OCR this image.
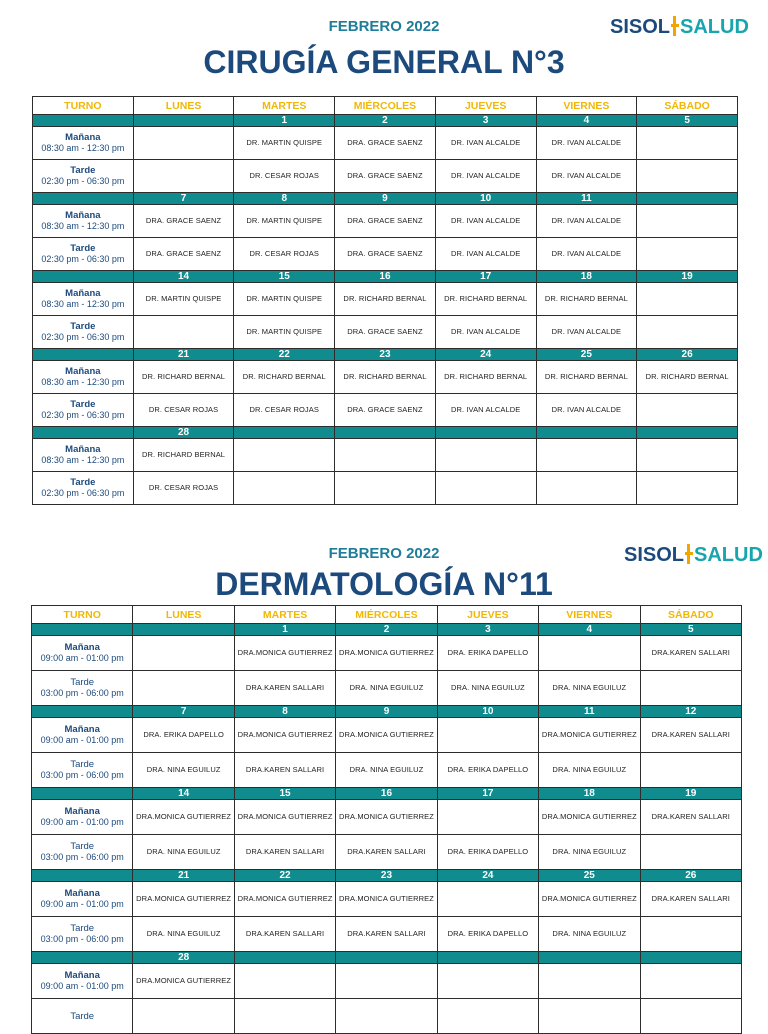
FEBRERO 2022
CIRUGÍA GENERAL N°3
SISOL SALUD
TURNO	LUNES	MARTES	MIÉRCOLES	JUEVES	VIERNES	SÁBADO
		1	2	3	4	5

Mañana
08:30 am - 12:30 pm		DR. MARTIN QUISPE	DRA. GRACE SAENZ	DR. IVAN ALCALDE	DR. IVAN ALCALDE	

Tarde
02:30 pm - 06:30 pm		DR. CESAR ROJAS	DRA. GRACE SAENZ	DR. IVAN ALCALDE	DR. IVAN ALCALDE	
	7	8	9	10	11	

Mañana
08:30 am - 12:30 pm	DRA. GRACE SAENZ	DR. MARTIN QUISPE	DRA. GRACE SAENZ	DR. IVAN ALCALDE	DR. IVAN ALCALDE	

Tarde
02:30 pm - 06:30 pm	DRA. GRACE SAENZ	DR. CESAR ROJAS	DRA. GRACE SAENZ	DR. IVAN ALCALDE	DR. IVAN ALCALDE	
	14	15	16	17	18	19

Mañana
08:30 am - 12:30 pm	DR. MARTIN QUISPE	DR. MARTIN QUISPE	DR. RICHARD BERNAL	DR. RICHARD BERNAL	DR. RICHARD BERNAL	

Tarde
02:30 pm - 06:30 pm		DR. MARTIN QUISPE	DRA. GRACE SAENZ	DR. IVAN ALCALDE	DR. IVAN ALCALDE	
	21	22	23	24	25	26

Mañana
08:30 am - 12:30 pm	DR. RICHARD BERNAL	DR. RICHARD BERNAL	DR. RICHARD BERNAL	DR. RICHARD BERNAL	DR. RICHARD BERNAL	DR. RICHARD BERNAL

Tarde
02:30 pm - 06:30 pm	DR. CESAR ROJAS	DR. CESAR ROJAS	DRA. GRACE SAENZ	DR. IVAN ALCALDE	DR. IVAN ALCALDE	
	28					

Mañana
08:30 am - 12:30 pm	DR. RICHARD BERNAL					

Tarde
02:30 pm - 06:30 pm	DR. CESAR ROJAS					
FEBRERO 2022
DERMATOLOGÍA N°11
SISOL SALUD
TURNO	LUNES	MARTES	MIÉRCOLES	JUEVES	VIERNES	SÁBADO
		1	2	3	4	5

Mañana
09:00 am - 01:00 pm		DRA.MONICA GUTIERREZ	DRA.MONICA GUTIERREZ	DRA. ERIKA DAPELLO		DRA.KAREN SALLARI

Tarde
03:00 pm - 06:00 pm		DRA.KAREN SALLARI	DRA. NINA EGUILUZ	DRA. NINA EGUILUZ	DRA. NINA EGUILUZ	
	7	8	9	10	11	12

Mañana
09:00 am - 01:00 pm	DRA. ERIKA DAPELLO	DRA.MONICA GUTIERREZ	DRA.MONICA GUTIERREZ		DRA.MONICA GUTIERREZ	DRA.KAREN SALLARI

Tarde
03:00 pm - 06:00 pm	DRA. NINA EGUILUZ	DRA.KAREN SALLARI	DRA. NINA EGUILUZ	DRA. ERIKA DAPELLO	DRA. NINA EGUILUZ	
	14	15	16	17	18	19

Mañana
09:00 am - 01:00 pm	DRA.MONICA GUTIERREZ	DRA.MONICA GUTIERREZ	DRA.MONICA GUTIERREZ		DRA.MONICA GUTIERREZ	DRA.KAREN SALLARI

Tarde
03:00 pm - 06:00 pm	DRA. NINA EGUILUZ	DRA.KAREN SALLARI	DRA.KAREN SALLARI	DRA. ERIKA DAPELLO	DRA. NINA EGUILUZ	
	21	22	23	24	25	26

Mañana
09:00 am - 01:00 pm	DRA.MONICA GUTIERREZ	DRA.MONICA GUTIERREZ	DRA.MONICA GUTIERREZ		DRA.MONICA GUTIERREZ	DRA.KAREN SALLARI

Tarde
03:00 pm - 06:00 pm	DRA. NINA EGUILUZ	DRA.KAREN SALLARI	DRA.KAREN SALLARI	DRA. ERIKA DAPELLO	DRA. NINA EGUILUZ	
	28					

Mañana
09:00 am - 01:00 pm	DRA.MONICA GUTIERREZ					

Tarde						
